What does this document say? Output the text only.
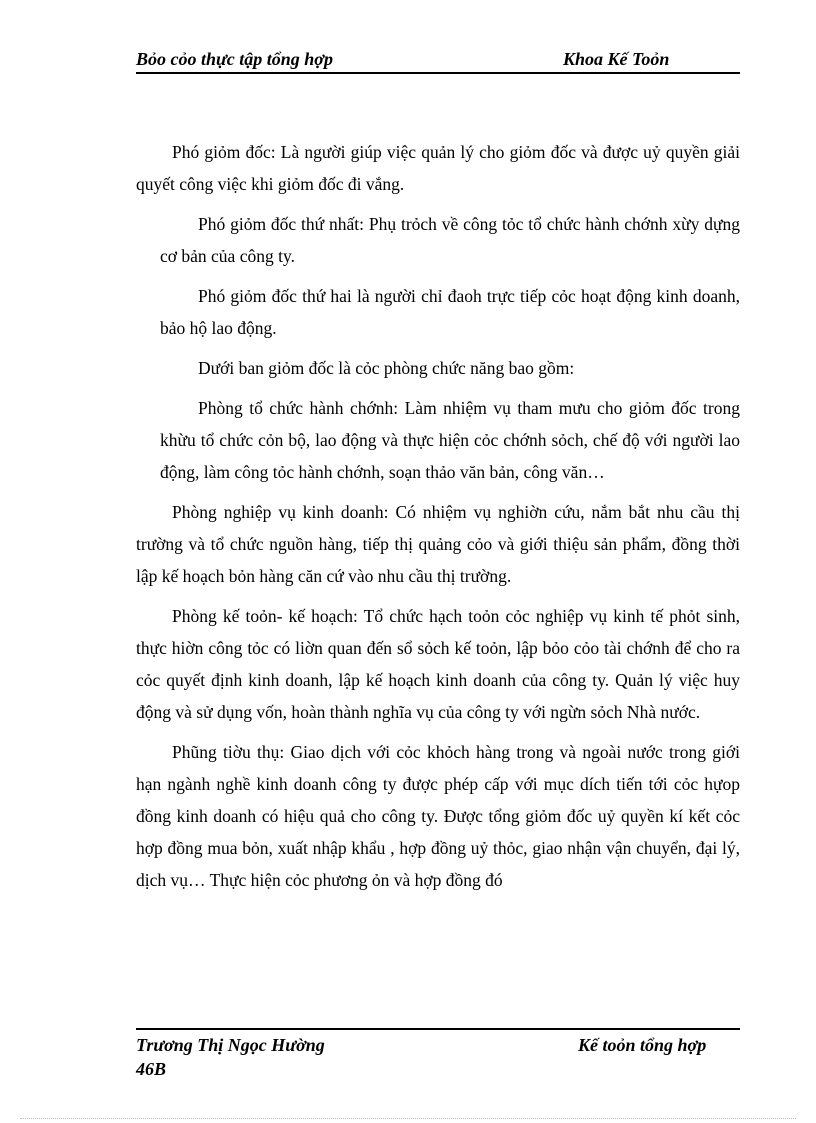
Bỏo cỏo thực tập tổng hợp	Khoa Kế Toỏn

Phó giỏm đốc: Là người giúp việc quản lý cho giỏm đốc và được uỷ quyền giải quyết công việc khi giỏm đốc đi vắng.

Phó giỏm đốc thứ nhất: Phụ trỏch về công tỏc tổ chức hành chớnh xừy dựng cơ bản của công ty.

Phó giỏm đốc thứ hai là người chỉ đaoh trực tiếp cỏc hoạt động kinh doanh, bảo hộ lao động.

Dưới ban giỏm đốc là cỏc phòng chức năng bao gồm:

Phòng tổ chức hành chớnh: Làm nhiệm vụ tham mưu cho giỏm đốc trong khừu tổ chức cỏn bộ, lao động và thực hiện cỏc chớnh sỏch, chế độ với người lao động, làm công tỏc hành chớnh, soạn thảo văn bản, công văn…

Phòng nghiệp vụ kinh doanh: Có nhiệm vụ nghiờn cứu, nắm bắt nhu cầu thị trường và tổ chức nguồn hàng, tiếp thị quảng cỏo và giới thiệu sản phẩm, đồng thời lập kế hoạch bỏn hàng căn cứ vào nhu cầu thị trường.

Phòng kế toỏn- kế hoạch: Tổ chức hạch toỏn cỏc nghiệp vụ kinh tế phỏt sinh, thực hiờn công tỏc có liờn quan đến sổ sỏch kế toỏn, lập bỏo cỏo tài chớnh để cho ra cỏc quyết định kinh doanh, lập kế hoạch kinh doanh của công ty. Quản lý việc huy động và sử dụng vốn, hoàn thành nghĩa vụ của công ty với ngừn sỏch Nhà nước.

Phũng tiờu thụ: Giao dịch với cỏc khỏch hàng trong và ngoài nước trong giới hạn ngành nghề kinh doanh công ty được phép cấp với mục dích tiến tới cỏc hựop đồng kinh doanh có hiệu quả cho công ty. Được tổng giỏm đốc uỷ quyền kí kết cỏc hợp đồng mua bỏn, xuất nhập khẩu , hợp đồng uỷ thỏc, giao nhận vận chuyển, đại lý, dịch vụ… Thực hiện cỏc phương ỏn và hợp đồng đó

Trương Thị Ngọc Hường
46B
Kế toỏn tổng hợp
